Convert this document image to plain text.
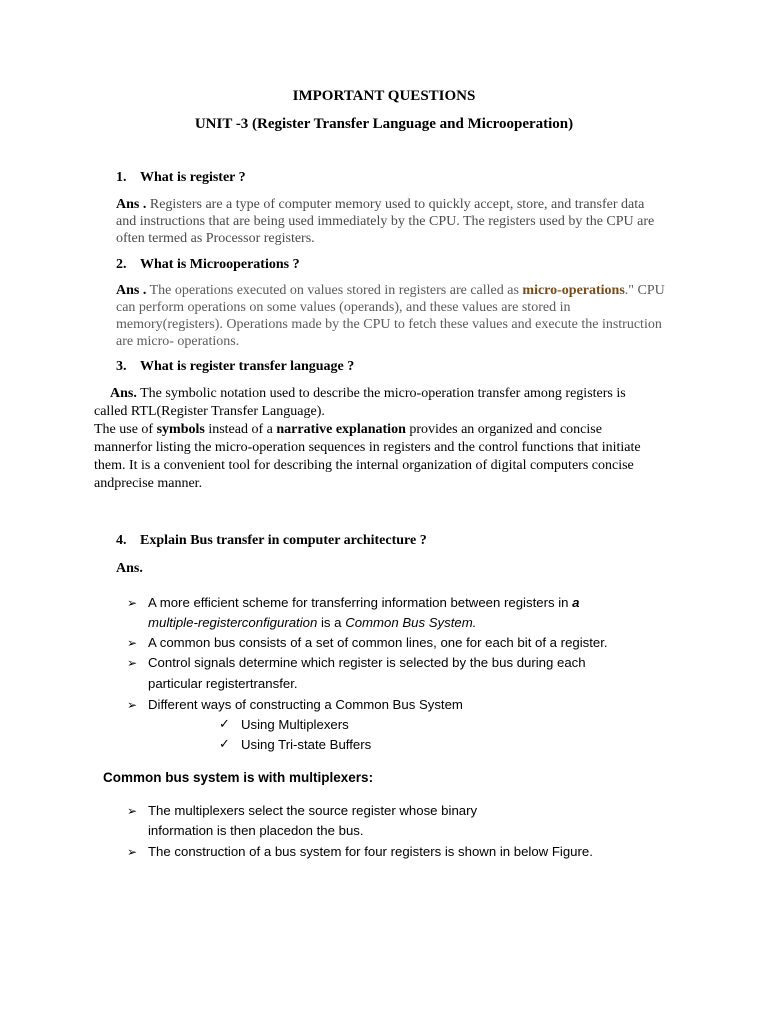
IMPORTANT QUESTIONS
UNIT -3 (Register Transfer Language and Microoperation)
1. What is register ?
Ans . Registers are a type of computer memory used to quickly accept, store, and transfer data
and instructions that are being used immediately by the CPU. The registers used by the CPU are
often termed as Processor registers.
2. What is Microoperations ?
Ans . The operations executed on values stored in registers are called as micro-operations." CPU
can perform operations on some values (operands), and these values are stored in
memory(registers). Operations made by the CPU to fetch these values and execute the instruction
are micro- operations.
3. What is register transfer language ?
Ans. The symbolic notation used to describe the micro-operation transfer among registers is
called RTL(Register Transfer Language).
The use of symbols instead of a narrative explanation provides an organized and concise
mannerfor listing the micro-operation sequences in registers and the control functions that initiate
them. It is a convenient tool for describing the internal organization of digital computers concise
andprecise manner.
4. Explain Bus transfer in computer architecture ?
Ans.
➢ A more efficient scheme for transferring information between registers in a
multiple-registerconfiguration is a Common Bus System.
➢ A common bus consists of a set of common lines, one for each bit of a register.
➢ Control signals determine which register is selected by the bus during each
particular registertransfer.
➢ Different ways of constructing a Common Bus System
✓ Using Multiplexers
✓ Using Tri-state Buffers
Common bus system is with multiplexers:
➢ The multiplexers select the source register whose binary
information is then placedon the bus.
➢ The construction of a bus system for four registers is shown in below Figure.
